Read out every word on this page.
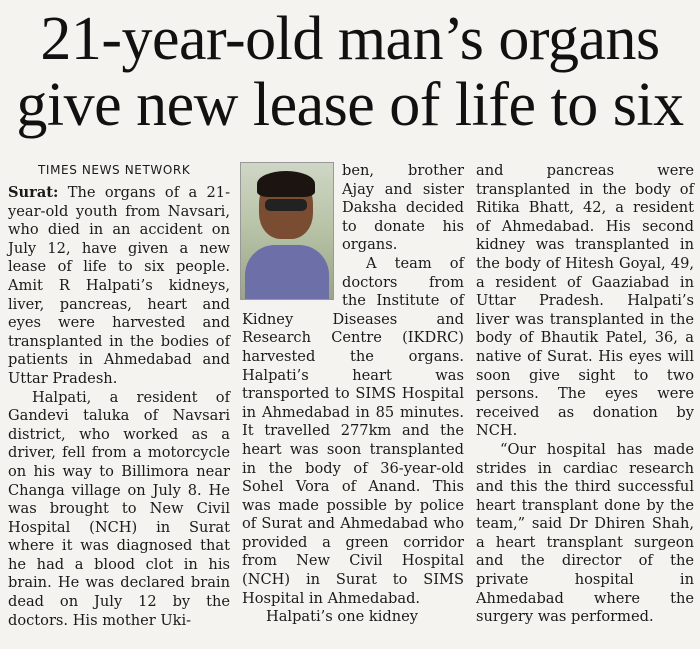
21-year-old man’s organs
give new lease of life to six

TIMES NEWS NETWORK

Surat: The organs of a 21-year-old youth from Navsari, who died in an accident on July 12, have given a new lease of life to six people. Amit R Halpati’s kidneys, liver, pancreas, heart and eyes were harvested and transplanted in the bodies of patients in Ahmedabad and Uttar Pradesh.

Halpati, a resident of Gandevi taluka of Navsari district, who worked as a driver, fell from a motorcycle on his way to Billimora near Changa village on July 8. He was brought to New Civil Hospital (NCH) in Surat where it was diagnosed that he had a blood clot in his brain. He was declared brain dead on July 12 by the doctors. His mother Uki-

ben, brother Ajay and sister Daksha decided to donate his organs.

A team of doctors from the Institute of Kidney Diseases and Research Centre (IKDRC) harvested the organs. Halpati’s heart was transported to SIMS Hospital in Ahmedabad in 85 minutes. It travelled 277km and the heart was soon transplanted in the body of 36-year-old Sohel Vora of Anand. This was made possible by police of Surat and Ahmedabad who provided a green corridor from New Civil Hospital (NCH) in Surat to SIMS Hospital in Ahmedabad.

Halpati’s one kidney

and pancreas were transplanted in the body of Ritika Bhatt, 42, a resident of Ahmedabad. His second kidney was transplanted in the body of Hitesh Goyal, 49, a resident of Gaaziabad in Uttar Pradesh. Halpati’s liver was transplanted in the body of Bhautik Patel, 36, a native of Surat. His eyes will soon give sight to two persons. The eyes were received as donation by NCH.

“Our hospital has made strides in cardiac research and this the third successful heart transplant done by the team,” said Dr Dhiren Shah, a heart transplant surgeon and the director of the private hospital in Ahmedabad where the surgery was performed.
